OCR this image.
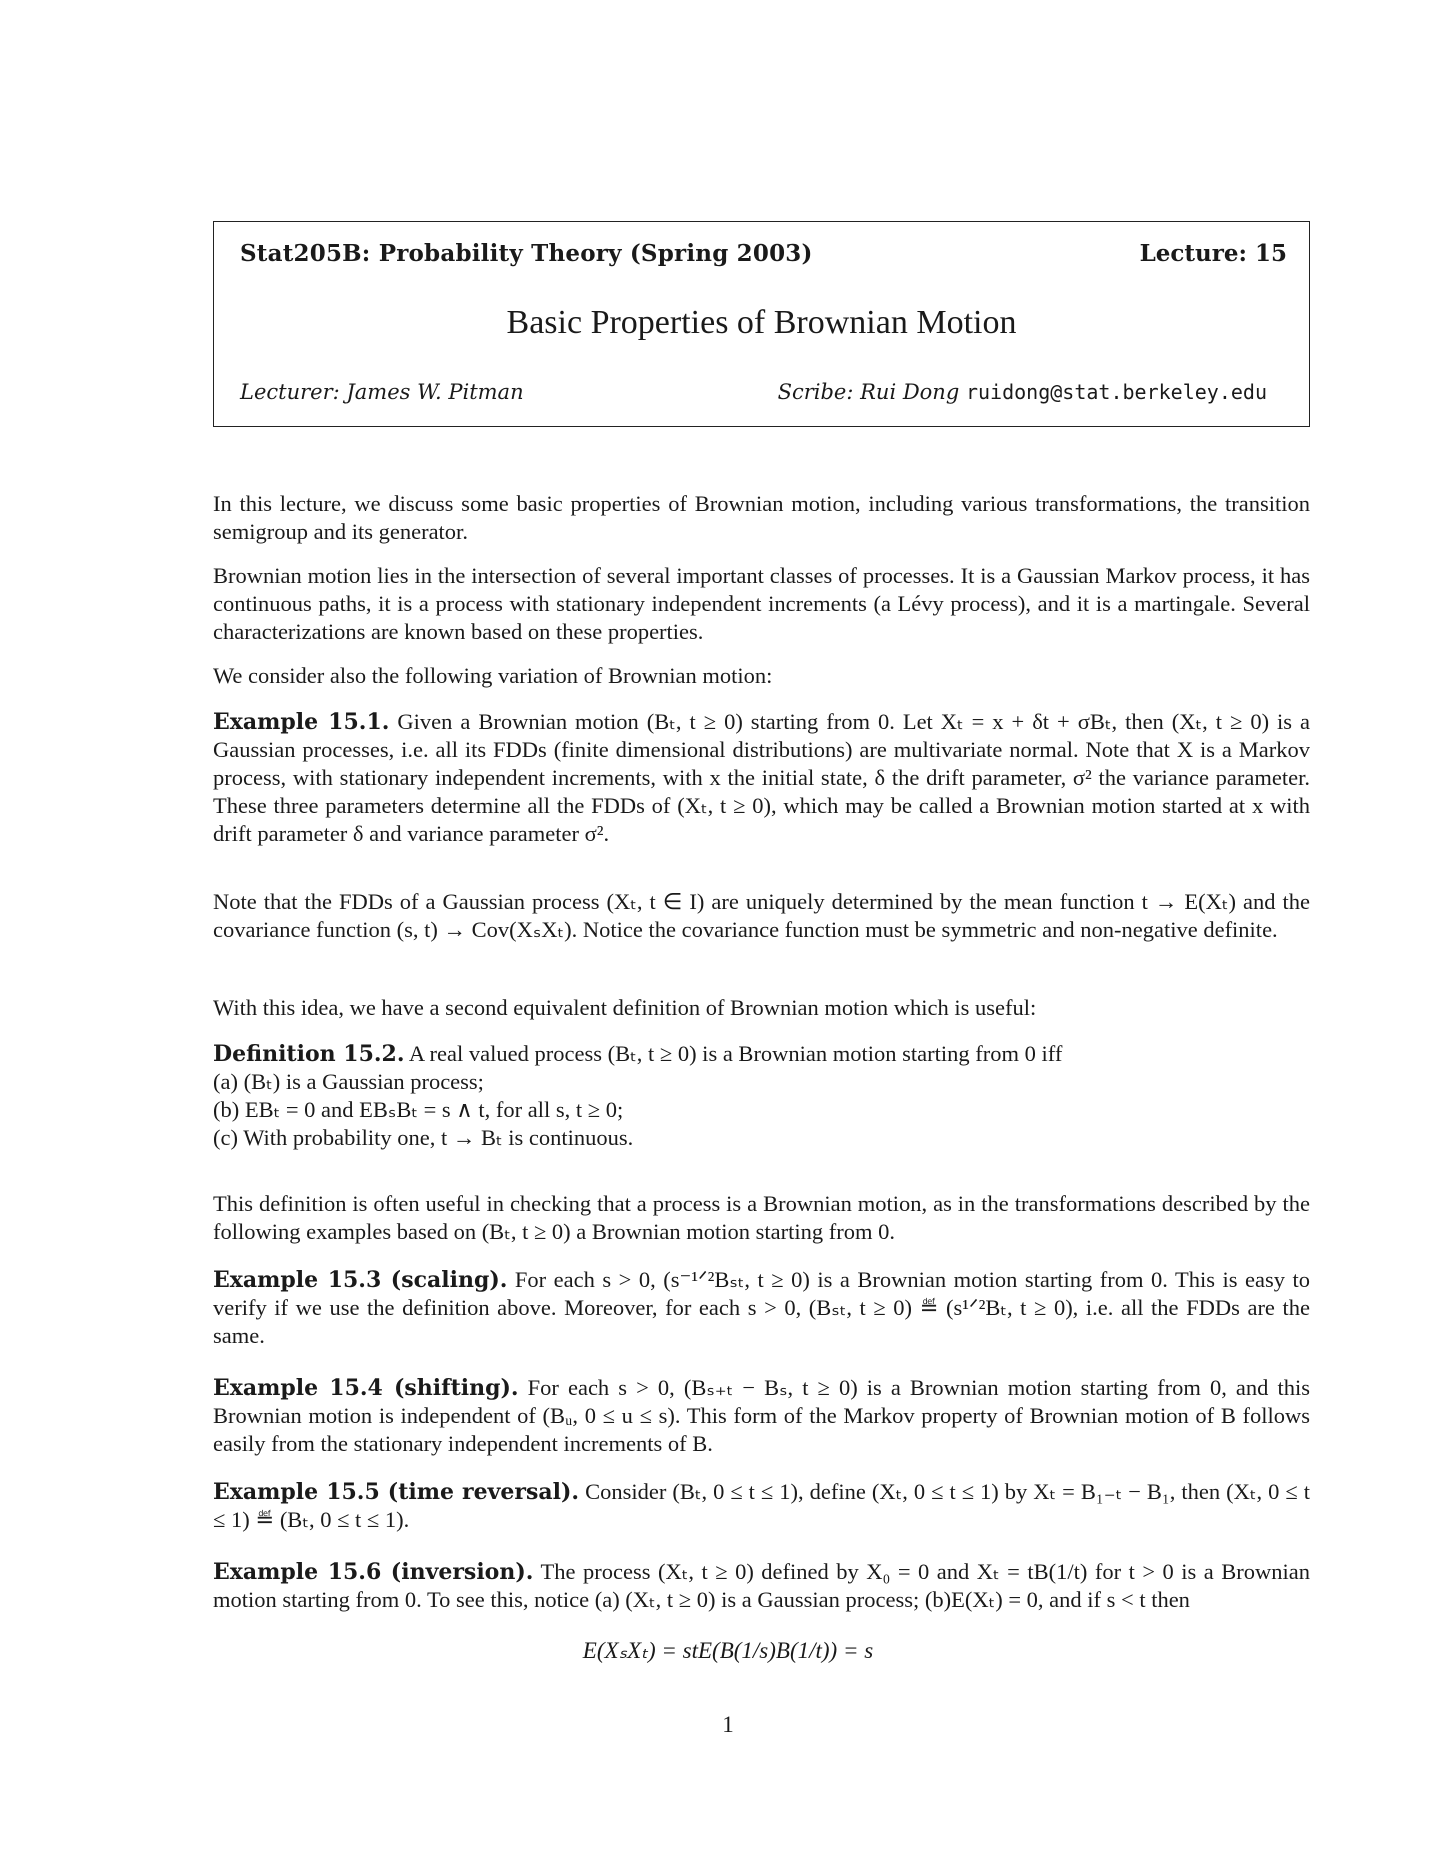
Stat205B: Probability Theory (Spring 2003)	Lecture: 15
Basic Properties of Brownian Motion
Lecturer: James W. Pitman	Scribe: Rui Dong ruidong@stat.berkeley.edu

In this lecture, we discuss some basic properties of Brownian motion, including various transformations, the transition semigroup and its generator.

Brownian motion lies in the intersection of several important classes of processes. It is a Gaussian Markov process, it has continuous paths, it is a process with stationary independent increments (a Lévy process), and it is a martingale. Several characterizations are known based on these properties.

We consider also the following variation of Brownian motion:

Example 15.1. Given a Brownian motion (Bₜ, t ≥ 0) starting from 0. Let Xₜ = x + δt + σBₜ, then (Xₜ, t ≥ 0) is a Gaussian processes, i.e. all its FDDs (finite dimensional distributions) are multivariate normal. Note that X is a Markov process, with stationary independent increments, with x the initial state, δ the drift parameter, σ² the variance parameter. These three parameters determine all the FDDs of (Xₜ, t ≥ 0), which may be called a Brownian motion started at x with drift parameter δ and variance parameter σ².

Note that the FDDs of a Gaussian process (Xₜ, t ∈ I) are uniquely determined by the mean function t → E(Xₜ) and the covariance function (s, t) → Cov(XₛXₜ). Notice the covariance function must be symmetric and non-negative definite.

With this idea, we have a second equivalent definition of Brownian motion which is useful:

Definition 15.2. A real valued process (Bₜ, t ≥ 0) is a Brownian motion starting from 0 iff
(a) (Bₜ) is a Gaussian process;
(b) EBₜ = 0 and EBₛBₜ = s ∧ t, for all s, t ≥ 0;
(c) With probability one, t → Bₜ is continuous.

This definition is often useful in checking that a process is a Brownian motion, as in the transformations described by the following examples based on (Bₜ, t ≥ 0) a Brownian motion starting from 0.

Example 15.3 (scaling). For each s > 0, (s⁻¹ᐟ²Bₛₜ, t ≥ 0) is a Brownian motion starting from 0. This is easy to verify if we use the definition above. Moreover, for each s > 0, (Bₛₜ, t ≥ 0) ≝ (s¹ᐟ²Bₜ, t ≥ 0), i.e. all the FDDs are the same.

Example 15.4 (shifting). For each s > 0, (Bₛ₊ₜ − Bₛ, t ≥ 0) is a Brownian motion starting from 0, and this Brownian motion is independent of (Bᵤ, 0 ≤ u ≤ s). This form of the Markov property of Brownian motion of B follows easily from the stationary independent increments of B.

Example 15.5 (time reversal). Consider (Bₜ, 0 ≤ t ≤ 1), define (Xₜ, 0 ≤ t ≤ 1) by Xₜ = B₁₋ₜ − B₁, then (Xₜ, 0 ≤ t ≤ 1) ≝ (Bₜ, 0 ≤ t ≤ 1).

Example 15.6 (inversion). The process (Xₜ, t ≥ 0) defined by X₀ = 0 and Xₜ = tB(1/t) for t > 0 is a Brownian motion starting from 0. To see this, notice (a) (Xₜ, t ≥ 0) is a Gaussian process; (b)E(Xₜ) = 0, and if s < t then

E(XₛXₜ) = stE(B(1/s)B(1/t)) = s
1
